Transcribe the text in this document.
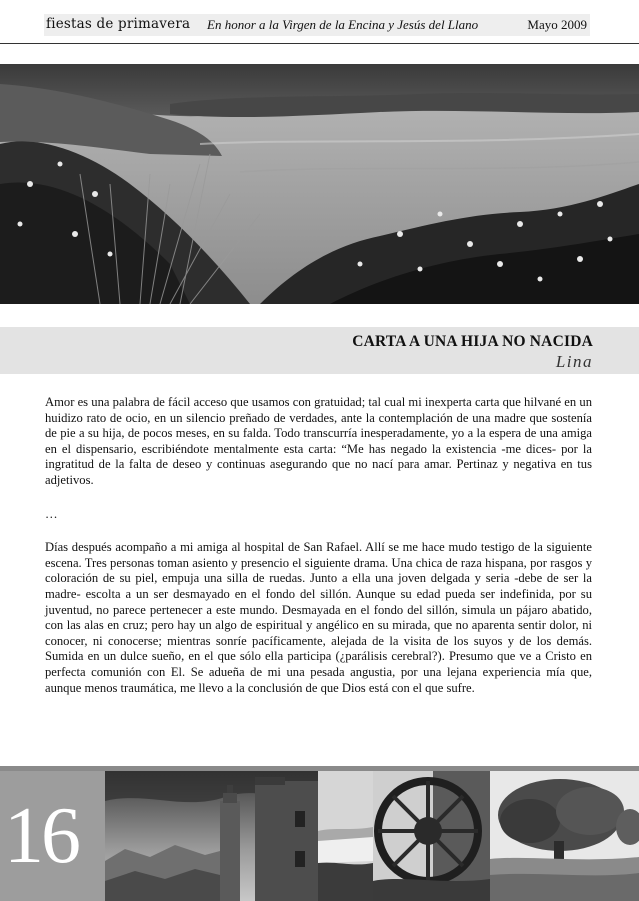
fiestas de primavera En honor a la Virgen de la Encina y Jesús del Llano	Mayo 2009
CARTA A UNA HIJA NO NACIDA
Lina

Amor es una palabra de fácil acceso que usamos con gratuidad; tal cual mi inexperta carta que hilvané en un huidizo rato de ocio, en un silencio preñado de verdades, ante la contemplación de una madre que sostenía de pie a su hija, de pocos meses, en su falda. Todo transcurría inesperadamente, yo a la espera de una amiga en el dispensario, escribiéndote mentalmente esta carta: “Me has negado la existencia -me dices- por la ingratitud de la falta de deseo y continuas asegurando que no nací para amar. Pertinaz y negativa en tus adjetivos.

…

Días después acompaño a mi amiga al hospital de San Rafael. Allí se me hace mudo testigo de la siguiente escena. Tres personas toman asiento y presencio el siguiente drama. Una chica de raza hispana, por rasgos y coloración de su piel, empuja una silla de ruedas. Junto a ella una joven delgada y seria -debe de ser la madre- escolta a un ser desmayado en el fondo del sillón. Aunque su edad pueda ser indefinida, por su juventud, no parece pertenecer a este mundo. Desmayada en el fondo del sillón, simula un pájaro abatido, con las alas en cruz; pero hay un algo de espiritual y angélico en su mirada, que no aparenta sentir dolor, ni conocer, ni conocerse; mientras sonríe pacíficamente, alejada de la visita de los suyos y de los demás. Sumida en un dulce sueño, en el que sólo ella participa (¿parálisis cerebral?). Presumo que ve a Cristo en perfecta comunión con El. Se adueña de mi una pesada angustia, por una lejana experiencia mía que, aunque menos traumática, me llevo a la conclusión de que Dios está con el que sufre.

16
